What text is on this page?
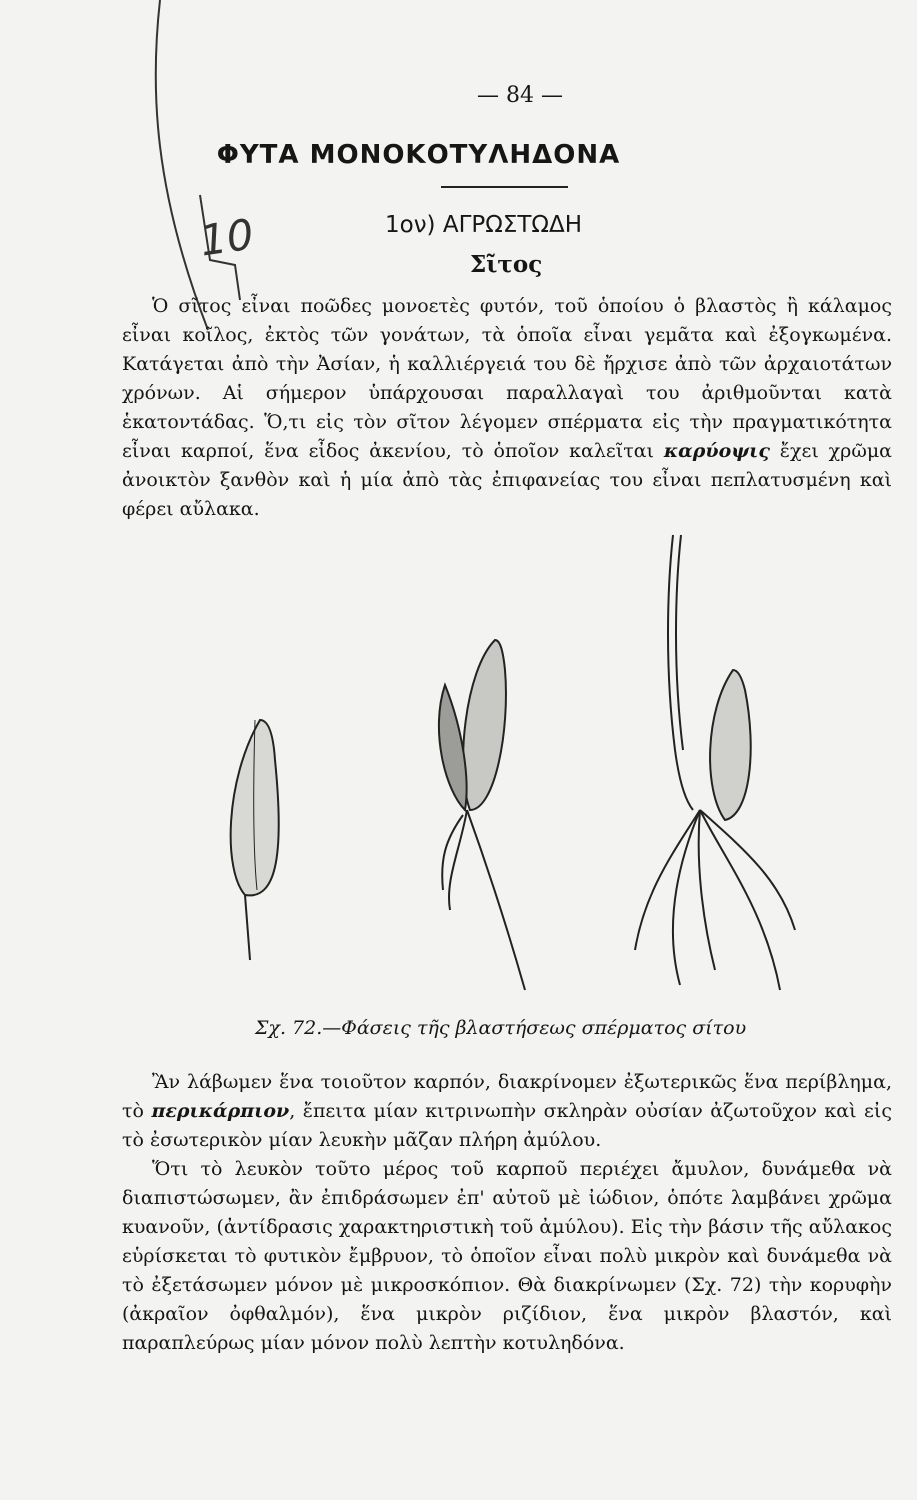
10
— 84 —
ΦΥΤΑ ΜΟΝΟΚΟΤΥΛΗΔΟΝΑ
1ον) ΑΓΡΩΣΤΩΔΗ
Σῖτος

Ὁ σῖτος εἶναι ποῶδες μονοετὲς φυτόν, τοῦ ὁποίου ὁ βλαστὸς ἢ κάλαμος εἶναι κοῖλος, ἐκτὸς τῶν γονάτων, τὰ ὁποῖα εἶναι γεμᾶτα καὶ ἐξογκωμένα. Κατάγεται ἀπὸ τὴν Ἀσίαν, ἡ καλλιέργειά του δὲ ἤρχισε ἀπὸ τῶν ἀρχαιοτάτων χρόνων. Αἱ σήμερον ὑπάρχουσαι παραλλαγαὶ του ἀριθμοῦνται κατὰ ἑκατοντάδας. Ὅ,τι εἰς τὸν σῖτον λέγομεν σπέρματα εἰς τὴν πραγματικότητα εἶναι καρποί, ἕνα εἶδος ἀκενίου, τὸ ὁποῖον καλεῖται καρύοψις ἔχει χρῶμα ἀνοικτὸν ξανθὸν καὶ ἡ μία ἀπὸ τὰς ἐπιφανείας του εἶναι πεπλατυσμένη καὶ φέρει αὔλακα.

Σχ. 72.—Φάσεις τῆς βλαστήσεως σπέρματος σίτου

Ἂν λάβωμεν ἕνα τοιοῦτον καρπόν, διακρίνομεν ἐξωτερικῶς ἕνα περίβλημα, τὸ περικάρπιον, ἔπειτα μίαν κιτρινωπὴν σκληρὰν οὐσίαν ἀζωτοῦχον καὶ εἰς τὸ ἐσωτερικὸν μίαν λευκὴν μᾶζαν πλήρη ἀμύλου.

Ὅτι τὸ λευκὸν τοῦτο μέρος τοῦ καρποῦ περιέχει ἄμυλον, δυνάμεθα νὰ διαπιστώσωμεν, ἂν ἐπιδράσωμεν ἐπ' αὐτοῦ μὲ ἰώδιον, ὁπότε λαμβάνει χρῶμα κυανοῦν, (ἀντίδρασις χαρακτηριστικὴ τοῦ ἀμύλου). Εἰς τὴν βάσιν τῆς αὔλακος εὑρίσκεται τὸ φυτικὸν ἔμβρυον, τὸ ὁποῖον εἶναι πολὺ μικρὸν καὶ δυνάμεθα νὰ τὸ ἐξετάσωμεν μόνον μὲ μικροσκόπιον. Θὰ διακρίνωμεν (Σχ. 72) τὴν κορυφὴν (ἀκραῖον ὀφθαλμόν), ἕνα μικρὸν ριζίδιον, ἕνα μικρὸν βλαστόν, καὶ παραπλεύρως μίαν μόνον πολὺ λεπτὴν κοτυληδόνα.
